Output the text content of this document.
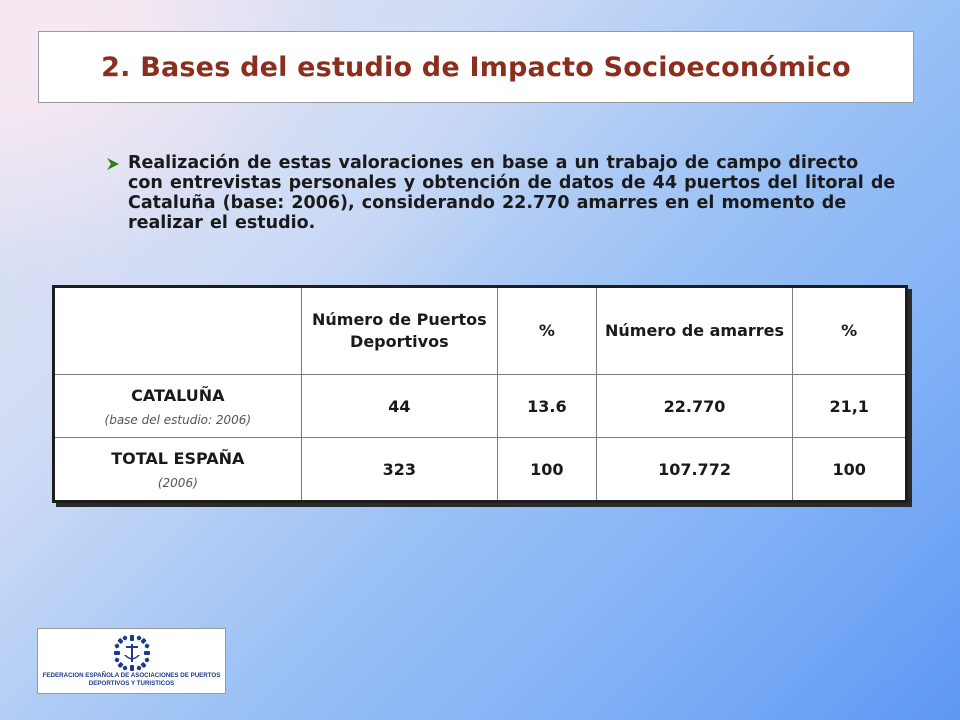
2. Bases del estudio de Impacto Socioeconómico
Realización de estas valoraciones en base a un trabajo de campo directo con entrevistas personales y obtención de datos de 44 puertos del litoral de Cataluña (base: 2006), considerando 22.770 amarres en el momento de realizar el estudio.
	Número de Puertos Deportivos	%	Número de amarres	%

CATALUÑA
(base del estudio: 2006)	44	13.6	22.770	21,1

TOTAL ESPAÑA
(2006)	323	100	107.772	100
FEDERACION ESPAÑOLA DE ASOCIACIONES DE PUERTOS
DEPORTIVOS Y TURISTICOS
